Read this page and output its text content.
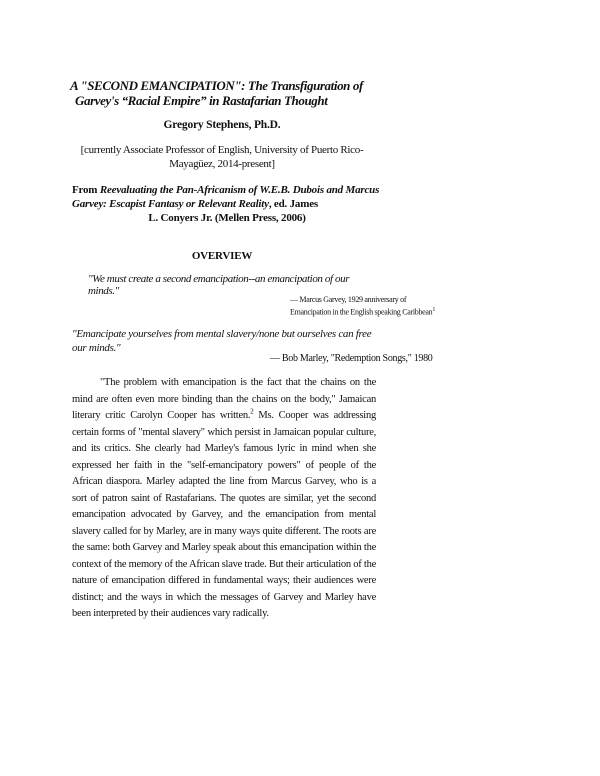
A "SECOND EMANCIPATION": The Transfiguration of
Garvey's “Racial Empire” in Rastafarian Thought
Gregory Stephens, Ph.D.
[currently Associate Professor of English, University of Puerto Rico-Mayagüez, 2014-present]
From Reevaluating the Pan-Africanism of W.E.B. Dubois and Marcus Garvey: Escapist Fantasy or Relevant Reality, ed. James
L. Conyers Jr. (Mellen Press, 2006)
OVERVIEW
"We must create a second emancipation--an emancipation of our minds."
— Marcus Garvey, 1929 anniversary of
Emancipation in the English speaking Caribbean$^1$
"Emancipate yourselves from mental slavery/none but ourselves can free our minds."
— Bob Marley, "Redemption Songs," 1980
"The problem with emancipation is the fact that the chains on the mind are often even more binding than the chains on the body," Jamaican literary critic Carolyn Cooper has written.$^2$ Ms. Cooper was addressing certain forms of "mental slavery" which persist in Jamaican popular culture, and its critics. She clearly had Marley's famous lyric in mind when she expressed her faith in the "self-emancipatory powers" of people of the African diaspora. Marley adapted the line from Marcus Garvey, who is a sort of patron saint of Rastafarians. The quotes are similar, yet the second emancipation advocated by Garvey, and the emancipation from mental slavery called for by Marley, are in many ways quite different. The roots are the same: both Garvey and Marley speak about this emancipation within the context of the memory of the African slave trade. But their articulation of the nature of emancipation differed in fundamental ways; their audiences were distinct; and the ways in which the messages of Garvey and Marley have been interpreted by their audiences vary radically.
